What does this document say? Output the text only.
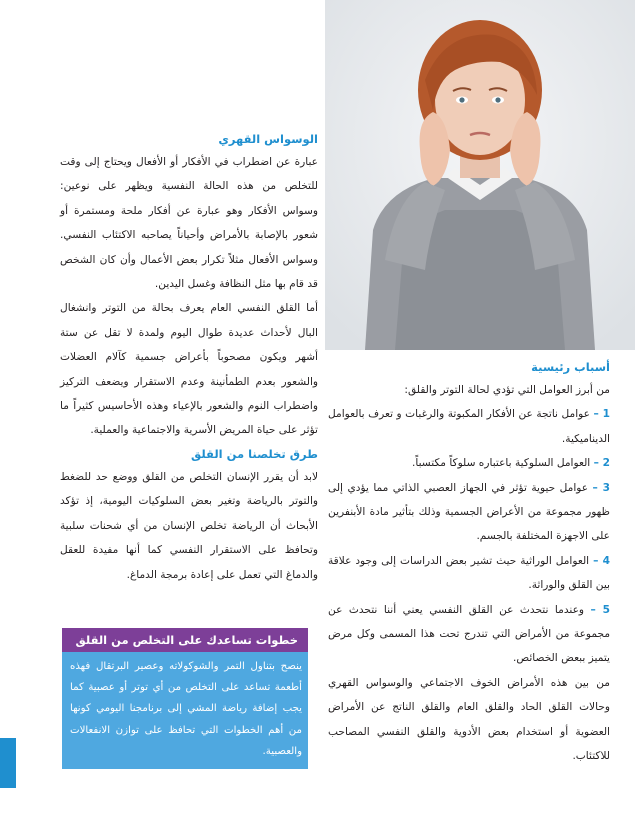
الوسواس القهري

عبارة عن اضطراب في الأفكار أو الأفعال ويحتاج إلى وقت للتخلص من هذه الحالة النفسية ويظهر على نوعين: وسواس الأفكار وهو عبارة عن أفكار ملحة ومستمرة أو شعور بالإصابة بالأمراض وأحياناً يصاحبه الاكتئاب النفسي. وسواس الأفعال مثلاً تكرار بعض الأعمال وأن كان الشخص قد قام بها مثل النظافة وغسل اليدين.

أما القلق النفسي العام يعرف بحالة من التوتر وانشغال البال لأحداث عديدة طوال اليوم ولمدة لا تقل عن ستة أشهر ويكون مصحوباً بأعراض جسمية كآلام العضلات والشعور بعدم الطمأنينة وعدم الاستقرار ويضعف التركيز واضطراب النوم والشعور بالإعياء وهذه الأحاسيس كثيراً ما تؤثر على حياة المريض الأسرية والاجتماعية والعملية.

طرق تخلصنا من القلق

لابد أن يقرر الإنسان التخلص من القلق ووضع حد للضغط والتوتر بالرياضة وتغير بعض السلوكيات اليومية، إذ تؤكد الأبحاث أن الرياضة تخلص الإنسان من أي شحنات سلبية وتحافظ على الاستقرار النفسي كما أنها مفيدة للعقل والدماغ التي تعمل على إعادة برمجة الدماغ.

خطوات تساعدك على التخلص من القلق
ينصح بتناول التمر والشوكولاته وعصير البرتقال فهذه أطعمة تساعد على التخلص من أي توتر أو عصبية كما يجب إضافة رياضة المشي إلى برنامجنا اليومي كونها من أهم الخطوات التي تحافظ على توازن الانفعالات والعصبية.

أسباب رئيسية

من أبرز العوامل التي تؤدي لحالة التوتر والقلق:

1 – عوامل ناتجة عن الأفكار المكبوتة والرغبات و تعرف بالعوامل الديناميكية.

2 – العوامل السلوكية باعتباره سلوكاً مكتسباً.

3 – عوامل حيوية تؤثر في الجهاز العصبي الذاتي مما يؤدي إلى ظهور مجموعة من الأعراض الجسمية وذلك بتأثير مادة الأبنفرين على الاجهزة المختلفة بالجسم.

4 – العوامل الوراثية حيث تشير بعض الدراسات إلى وجود علاقة بين القلق والوراثة.

5 – وعندما نتحدث عن القلق النفسي يعني أننا نتحدث عن مجموعة من الأمراض التي تندرج تحت هذا المسمى وكل مرض يتميز ببعض الخصائص.

من بين هذه الأمراض الخوف الاجتماعي والوسواس القهري وحالات القلق الحاد والقلق العام والقلق الناتج عن الأمراض العضوية أو استخدام بعض الأدوية والقلق النفسي المصاحب للاكتئاب.
